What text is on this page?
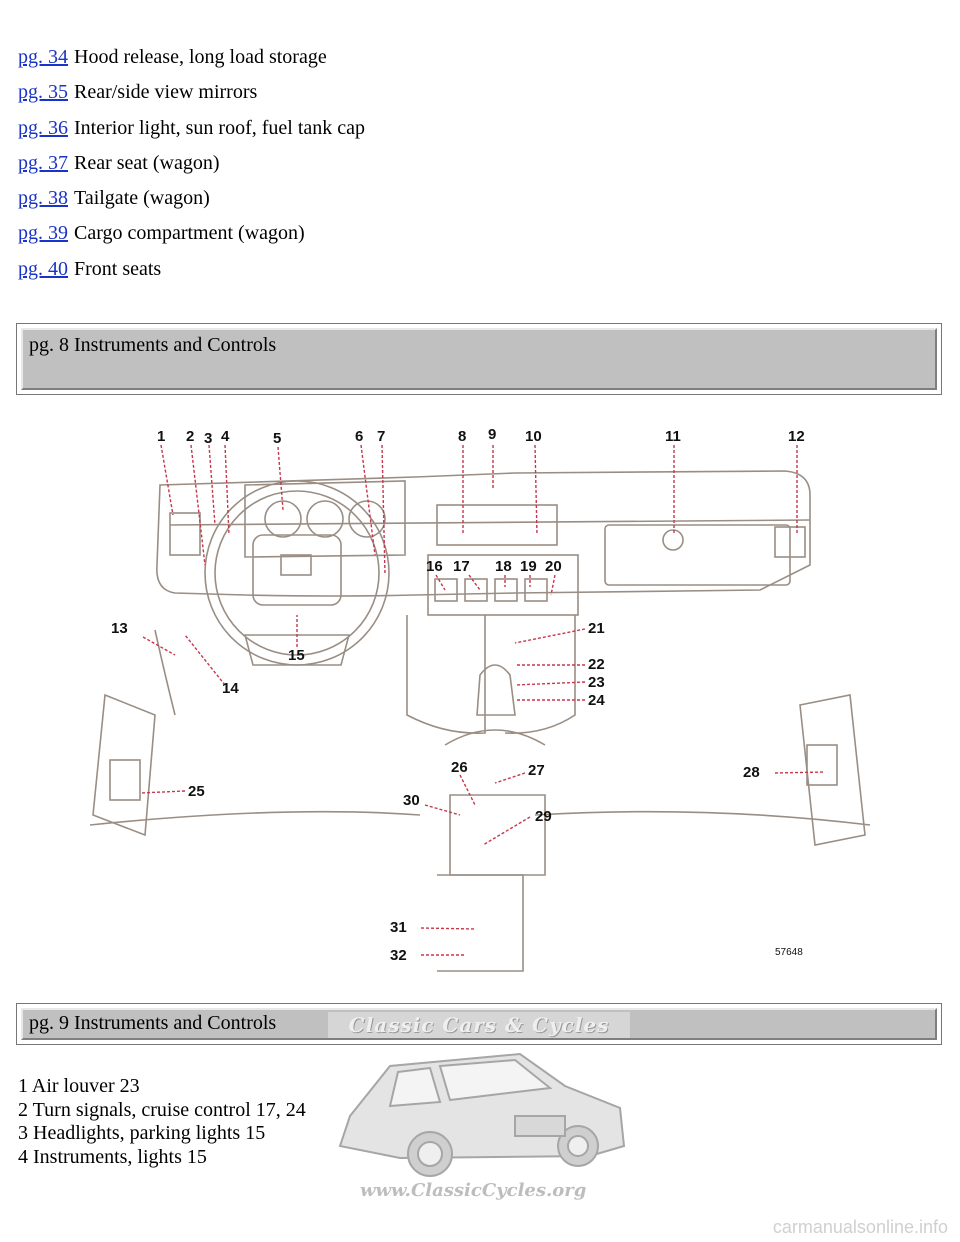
pg. 34 Hood release, long load storage
pg. 35 Rear/side view mirrors
pg. 36 Interior light, sun roof, fuel tank cap
pg. 37 Rear seat (wagon)
pg. 38 Tailgate (wagon)
pg. 39 Cargo compartment (wagon)
pg. 40 Front seats
pg. 8 Instruments and Controls
1 2 3 4	5	6 7	8 9 10	11	12
13
14
15
16 17 18 19 20
21
22
23
24
25
26	27	28
29
30
31
32	57648
pg. 9 Instruments and Controls	Classic Cars & Cycles
www.ClassicCycles.org
1 Air louver 23
2 Turn signals, cruise control 17, 24
3 Headlights, parking lights 15
4 Instruments, lights 15
carmanualsonline.info
